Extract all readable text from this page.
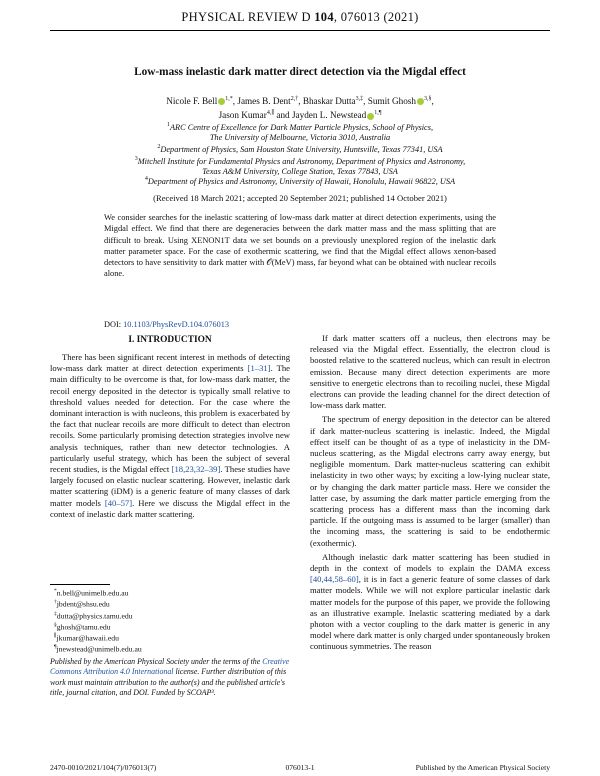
PHYSICAL REVIEW D 104, 076013 (2021)
Low-mass inelastic dark matter direct detection via the Migdal effect
Nicole F. Bell $^{1,*}$, James B. Dent$^{2,\dagger}$, Bhaskar Dutta$^{3,\ddagger}$, Sumit Ghosh $^{3,\S}$,
Jason Kumar$^{4,\parallel}$ and Jayden L. Newstead $^{1,\P}$
$^1$ARC Centre of Excellence for Dark Matter Particle Physics, School of Physics,
The University of Melbourne, Victoria 3010, Australia
$^2$Department of Physics, Sam Houston State University, Huntsville, Texas 77341, USA
$^3$Mitchell Institute for Fundamental Physics and Astronomy, Department of Physics and Astronomy,
Texas A&M University, College Station, Texas 77843, USA
$^4$Department of Physics and Astronomy, University of Hawaii, Honolulu, Hawaii 96822, USA
(Received 18 March 2021; accepted 20 September 2021; published 14 October 2021)
We consider searches for the inelastic scattering of low-mass dark matter at direct detection experiments, using the Migdal effect. We find that there are degeneracies between the dark matter mass and the mass splitting that are difficult to break. Using XENON1T data we set bounds on a previously unexplored region of the inelastic dark matter parameter space. For the case of exothermic scattering, we find that the Migdal effect allows xenon-based detectors to have sensitivity to dark matter with 𝒪(MeV) mass, far beyond what can be obtained with nuclear recoils alone.
DOI: 10.1103/PhysRevD.104.076013
I. INTRODUCTION

There has been significant recent interest in methods of detecting low-mass dark matter at direct detection experiments [1–31]. The main difficulty to be overcome is that, for low-mass dark matter, the recoil energy deposited in the detector is typically small relative to threshold values needed for detection. For the case where the dominant interaction is with nucleons, this problem is exacerbated by the fact that nuclear recoils are more difficult to detect than electron recoils. Some particularly promising detection strategies involve new analysis techniques, rather than new detector technologies. A particularly useful strategy, which has been the subject of several recent studies, is the Migdal effect [18,23,32–39]. These studies have largely focused on elastic nuclear scattering. However, inelastic dark matter scattering (iDM) is a generic feature of many classes of dark matter models [40–57]. Here we discuss the Migdal effect in the context of inelastic dark matter scattering.

*n.bell@unimelb.edu.au
†jbdent@shsu.edu
‡dutta@physics.tamu.edu
§ghosh@tamu.edu
∥jkumar@hawaii.edu
¶jnewstead@unimelb.edu.au
Published by the American Physical Society under the terms of the Creative Commons Attribution 4.0 International license. Further distribution of this work must maintain attribution to the author(s) and the published article's title, journal citation, and DOI. Funded by SCOAP³.

If dark matter scatters off a nucleus, then electrons may be released via the Migdal effect. Essentially, the electron cloud is boosted relative to the scattered nucleus, which can result in electron emission. Because many direct detection experiments are more sensitive to energetic electrons than to recoiling nuclei, these Migdal electrons can provide the leading channel for the direct detection of low-mass dark matter.

The spectrum of energy deposition in the detector can be altered if dark matter-nucleus scattering is inelastic. Indeed, the Migdal effect itself can be thought of as a type of inelasticity in the DM-nucleus scattering, as the Migdal electrons carry away energy, but negligible momentum. Dark matter-nucleus scattering can exhibit inelasticity in two other ways; by exciting a low-lying nuclear state, or by changing the dark matter particle mass. Here we consider the latter case, by assuming the dark matter particle emerging from the scattering process has a different mass than the incoming dark particle. If the outgoing mass is assumed to be larger (smaller) than the incoming mass, the scattering is said to be endothermic (exothermic).

Although inelastic dark matter scattering has been studied in depth in the context of models to explain the DAMA excess [40,44,58–60], it is in fact a generic feature of some classes of dark matter models. While we will not explore particular inelastic dark matter models for the purpose of this paper, we provide the following as an illustrative example. Inelastic scattering mediated by a dark photon with a vector coupling to the dark matter is generic in any model where dark matter is only charged under spontaneously broken continuous symmetries. The reason

2470-0010/2021/104(7)/076013(7)	076013-1	Published by the American Physical Society
